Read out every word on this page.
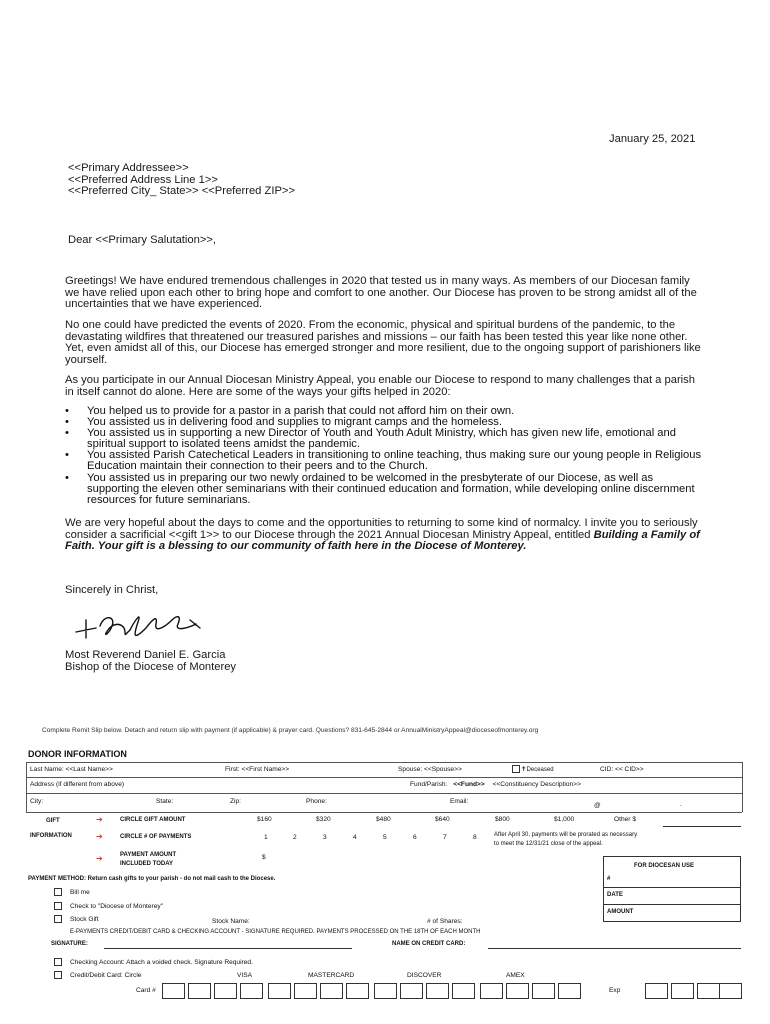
January 25, 2021
<<Primary Addressee>>
<<Preferred Address Line 1>>
<<Preferred City_ State>> <<Preferred ZIP>>
Dear <<Primary Salutation>>,
Greetings! We have endured tremendous challenges in 2020 that tested us in many ways. As members of our Diocesan family we have relied upon each other to bring hope and comfort to one another. Our Diocese has proven to be strong amidst all of the uncertainties that we have experienced.
No one could have predicted the events of 2020. From the economic, physical and spiritual burdens of the pandemic, to the devastating wildfires that threatened our treasured parishes and missions – our faith has been tested this year like none other. Yet, even amidst all of this, our Diocese has emerged stronger and more resilient, due to the ongoing support of parishioners like yourself.
As you participate in our Annual Diocesan Ministry Appeal, you enable our Diocese to respond to many challenges that a parish in itself cannot do alone. Here are some of the ways your gifts helped in 2020:
• You helped us to provide for a pastor in a parish that could not afford him on their own.
• You assisted us in delivering food and supplies to migrant camps and the homeless.
• You assisted us in supporting a new Director of Youth and Youth Adult Ministry, which has given new life, emotional and spiritual support to isolated teens amidst the pandemic.
• You assisted Parish Catechetical Leaders in transitioning to online teaching, thus making sure our young people in Religious Education maintain their connection to their peers and to the Church.
• You assisted us in preparing our two newly ordained to be welcomed in the presbyterate of our Diocese, as well as supporting the eleven other seminarians with their continued education and formation, while developing online discernment resources for future seminarians.
We are very hopeful about the days to come and the opportunities to returning to some kind of normalcy. I invite you to seriously consider a sacrificial <<gift 1>> to our Diocese through the 2021 Annual Diocesan Ministry Appeal, entitled Building a Family of Faith. Your gift is a blessing to our community of faith here in the Diocese of Monterey.
Sincerely in Christ,
Most Reverend Daniel E. Garcia
Bishop of the Diocese of Monterey
Complete Remit Slip below. Detach and return slip with payment (if applicable) & prayer card. Questions? 831-645-2844 or AnnualMinistryAppeal@dioceseofmonterey.org
DONOR INFORMATION
Last Name: <<Last Name>>	First: <<First Name>>	Spouse: <<Spouse>>	✝Deceased	CID: << CID>>
Address (if different from above)	Fund/Parish: <<Fund>> <<Constituency Description>>
City:	State:	Zip:	Phone:	Email:
@	.
GIFT
INFORMATION
➔	CIRCLE GIFT AMOUNT	$160	$320	$480	$640	$800	$1,000	Other $
➔	CIRCLE # OF PAYMENTS	1	2	3	4	5	6	7	8	After April 30, payments will be prorated as necessary
to meet the 12/31/21 close of the appeal.
➔	PAYMENT AMOUNT
INCLUDED TODAY
$
FOR DIOCESAN USE
#
DATE
AMOUNT
PAYMENT METHOD: Return cash gifts to your parish - do not mail cash to the Diocese.
Bill me
Check to "Diocese of Monterey"
Stock Gift	Stock Name:	# of Shares:
E-PAYMENTS CREDIT/DEBIT CARD & CHECKING ACCOUNT - SIGNATURE REQUIRED. PAYMENTS PROCESSED ON THE 18TH OF EACH MONTH
SIGNATURE:	NAME ON CREDIT CARD:
Checking Account: Attach a voided check. Signature Required.
Credit/Debit Card: Circle	VISA	MASTERCARD	DISCOVER	AMEX
Card #	Exp
